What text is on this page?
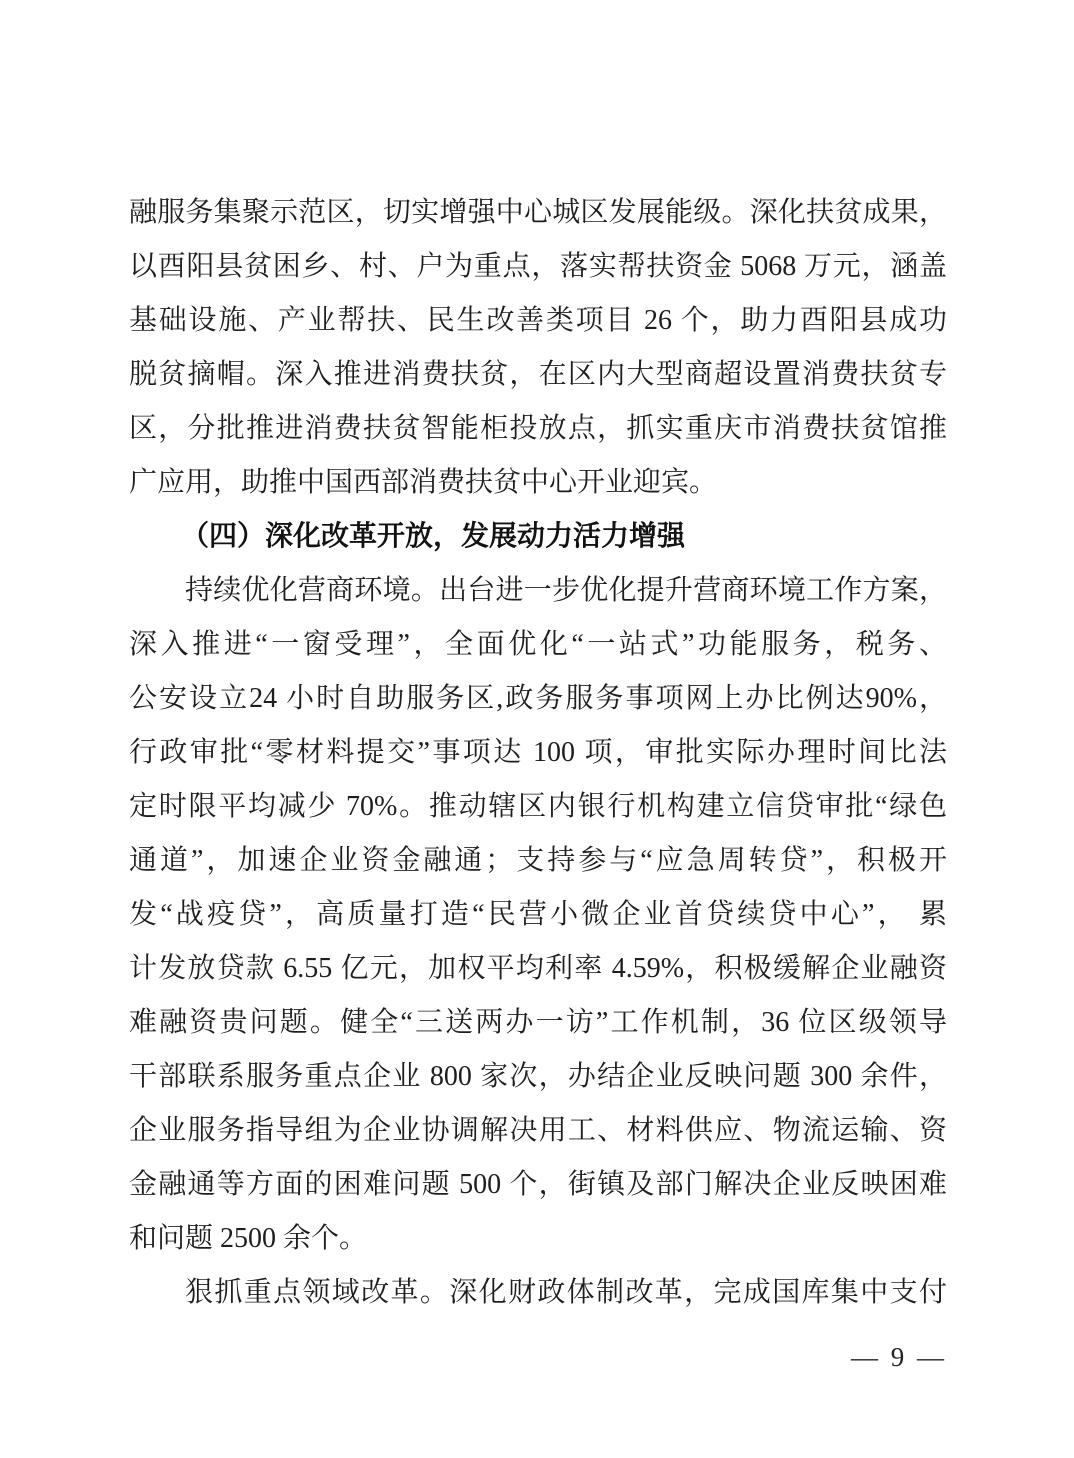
融服务集聚示范区，切实增强中心城区发展能级。深化扶贫成果，
以酉阳县贫困乡、村、户为重点，落实帮扶资金 5068 万元，涵盖
基础设施、产业帮扶、民生改善类项目 26 个，助力酉阳县成功
脱贫摘帽。深入推进消费扶贫，在区内大型商超设置消费扶贫专
区，分批推进消费扶贫智能柜投放点，抓实重庆市消费扶贫馆推
广应用，助推中国西部消费扶贫中心开业迎宾。
（四）深化改革开放，发展动力活力增强
持续优化营商环境。出台进一步优化提升营商环境工作方案，
深入推进“一窗受理”，全面优化“一站式”功能服务，税务、
公安设立24 小时自助服务区,政务服务事项网上办比例达90%，
行政审批“零材料提交”事项达 100 项，审批实际办理时间比法
定时限平均减少 70%。推动辖区内银行机构建立信贷审批“绿色
通道”，加速企业资金融通；支持参与“应急周转贷”，积极开
发“战疫贷”，高质量打造“民营小微企业首贷续贷中心”， 累
计发放贷款 6.55 亿元，加权平均利率 4.59%，积极缓解企业融资
难融资贵问题。健全“三送两办一访”工作机制，36 位区级领导
干部联系服务重点企业 800 家次，办结企业反映问题 300 余件，
企业服务指导组为企业协调解决用工、材料供应、物流运输、资
金融通等方面的困难问题 500 个，街镇及部门解决企业反映困难
和问题 2500 余个。
狠抓重点领域改革。深化财政体制改革，完成国库集中支付
— 9 —
